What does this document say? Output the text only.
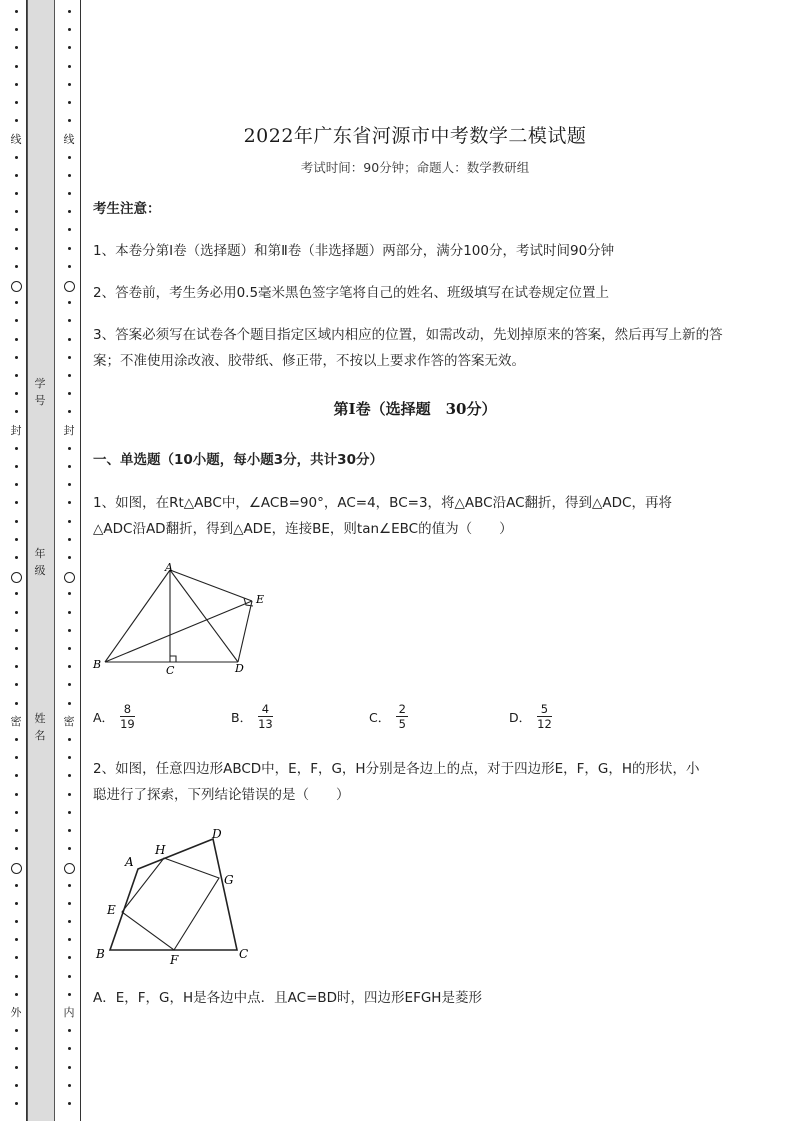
线
封
密
外
线
封
密
内
学号
年级
姓名
2022年广东省河源市中考数学二模试题
考试时间：90分钟；命题人：数学教研组
考生注意：
1、本卷分第Ⅰ卷（选择题）和第Ⅱ卷（非选择题）两部分，满分100分，考试时间90分钟
2、答卷前，考生务必用0.5毫米黑色签字笔将自己的姓名、班级填写在试卷规定位置上
3、答案必须写在试卷各个题目指定区域内相应的位置，如需改动，先划掉原来的答案，然后再写上新的答案；不准使用涂改液、胶带纸、修正带，不按以上要求作答的答案无效。
第Ⅰ卷（选择题　30分）
一、单选题（10小题，每小题3分，共计30分）
1、如图，在Rt△ABC中，∠ACB=90°，AC=4，BC=3，将△ABC沿AC翻折，得到△ADC，再将
△ADC沿AD翻折，得到△ADE，连接BE，则tan∠EBC的值为（　　）
A
B	C	D
E
A． $\frac{8}{19}$	B． $\frac{4}{13}$	C． $\frac{2}{5}$	D． $\frac{5}{12}$
2、如图，任意四边形ABCD中，E，F，G，H分别是各边上的点，对于四边形E，F，G，H的形状，小
聪进行了探索，下列结论错误的是（　　）
A
B	C
D
E
F
G
H
A．E，F，G，H是各边中点．且AC=BD时，四边形EFGH是菱形
